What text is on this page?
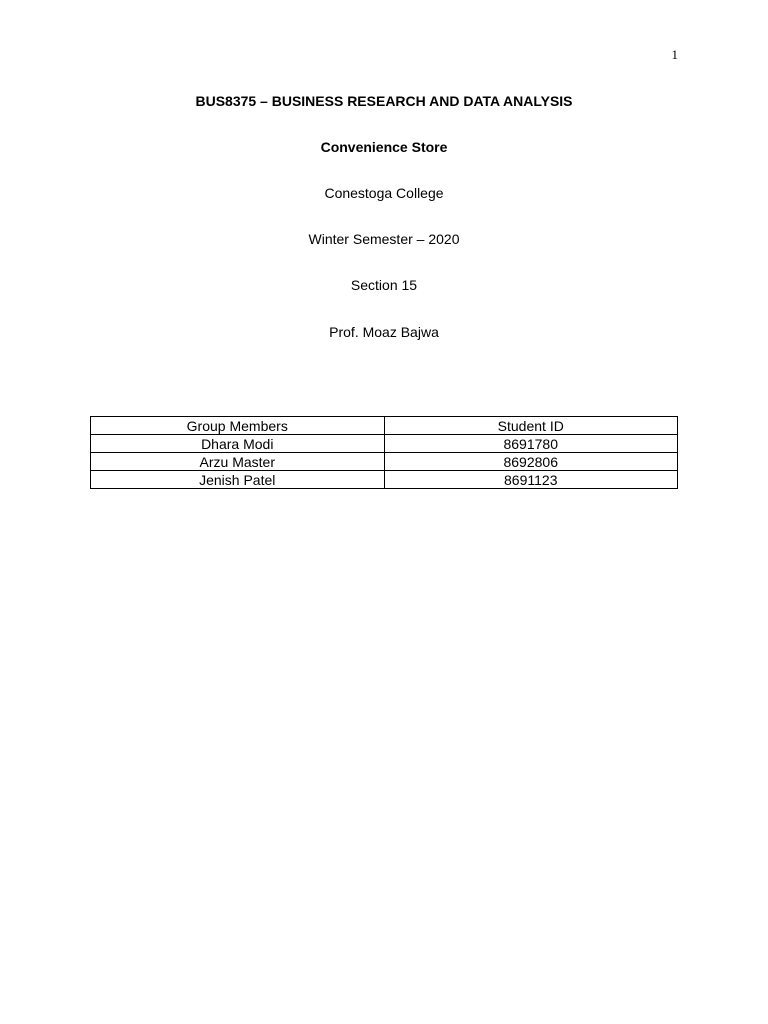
1
BUS8375 – BUSINESS RESEARCH AND DATA ANALYSIS
Convenience Store
Conestoga College
Winter Semester – 2020
Section 15
Prof. Moaz Bajwa
Group Members	Student ID
Dhara Modi	8691780
Arzu Master	8692806
Jenish Patel	8691123
